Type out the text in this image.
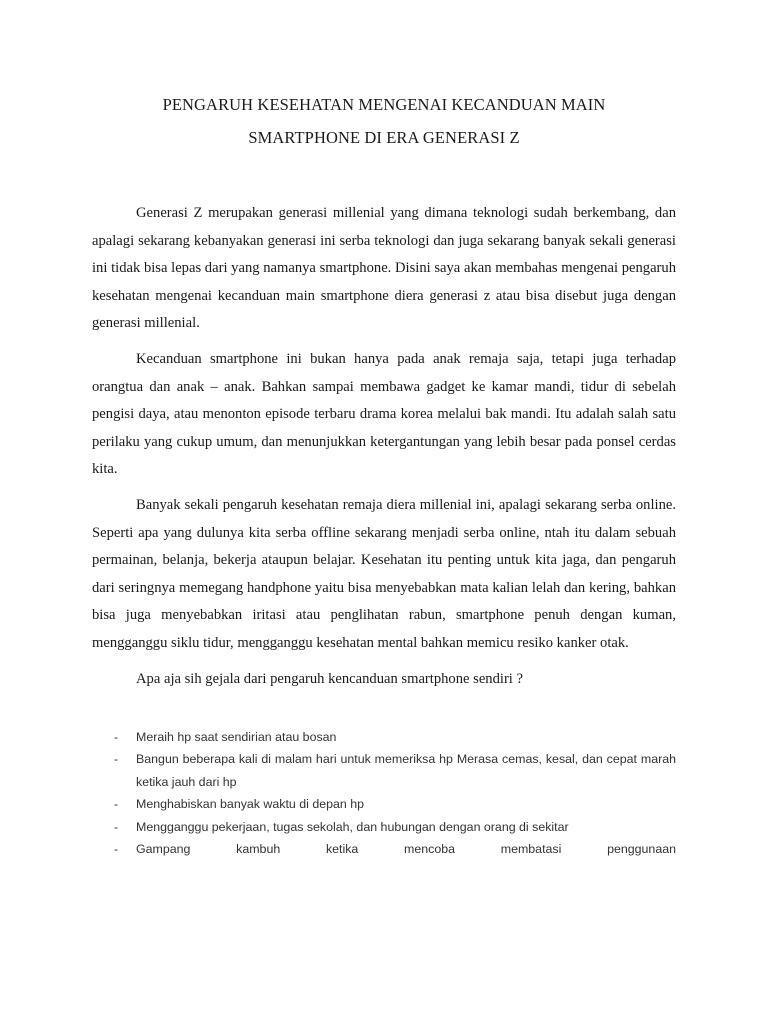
PENGARUH KESEHATAN MENGENAI KECANDUAN MAIN
SMARTPHONE DI ERA GENERASI Z

Generasi Z merupakan generasi millenial yang dimana teknologi sudah berkembang, dan apalagi sekarang kebanyakan generasi ini serba teknologi dan juga sekarang banyak sekali generasi ini tidak bisa lepas dari yang namanya smartphone. Disini saya akan membahas mengenai pengaruh kesehatan mengenai kecanduan main smartphone diera generasi z atau bisa disebut juga dengan generasi millenial.

Kecanduan smartphone ini bukan hanya pada anak remaja saja, tetapi juga terhadap orangtua dan anak – anak. Bahkan sampai membawa gadget ke kamar mandi, tidur di sebelah pengisi daya, atau menonton episode terbaru drama korea melalui bak mandi. Itu adalah salah satu perilaku yang cukup umum, dan menunjukkan ketergantungan yang lebih besar pada ponsel cerdas kita.

Banyak sekali pengaruh kesehatan remaja diera millenial ini, apalagi sekarang serba online. Seperti apa yang dulunya kita serba offline sekarang menjadi serba online, ntah itu dalam sebuah permainan, belanja, bekerja ataupun belajar. Kesehatan itu penting untuk kita jaga, dan pengaruh dari seringnya memegang handphone yaitu bisa menyebabkan mata kalian lelah dan kering, bahkan bisa juga menyebabkan iritasi atau penglihatan rabun, smartphone penuh dengan kuman, mengganggu siklu tidur, mengganggu kesehatan mental bahkan memicu resiko kanker otak.

Apa aja sih gejala dari pengaruh kencanduan smartphone sendiri ?

- Meraih hp saat sendirian atau bosan
- Bangun beberapa kali di malam hari untuk memeriksa hp Merasa cemas, kesal, dan cepat marah ketika jauh dari hp
- Menghabiskan banyak waktu di depan hp
- Mengganggu pekerjaan, tugas sekolah, dan hubungan dengan orang di sekitar
- Gampang kambuh ketika mencoba membatasi penggunaan
